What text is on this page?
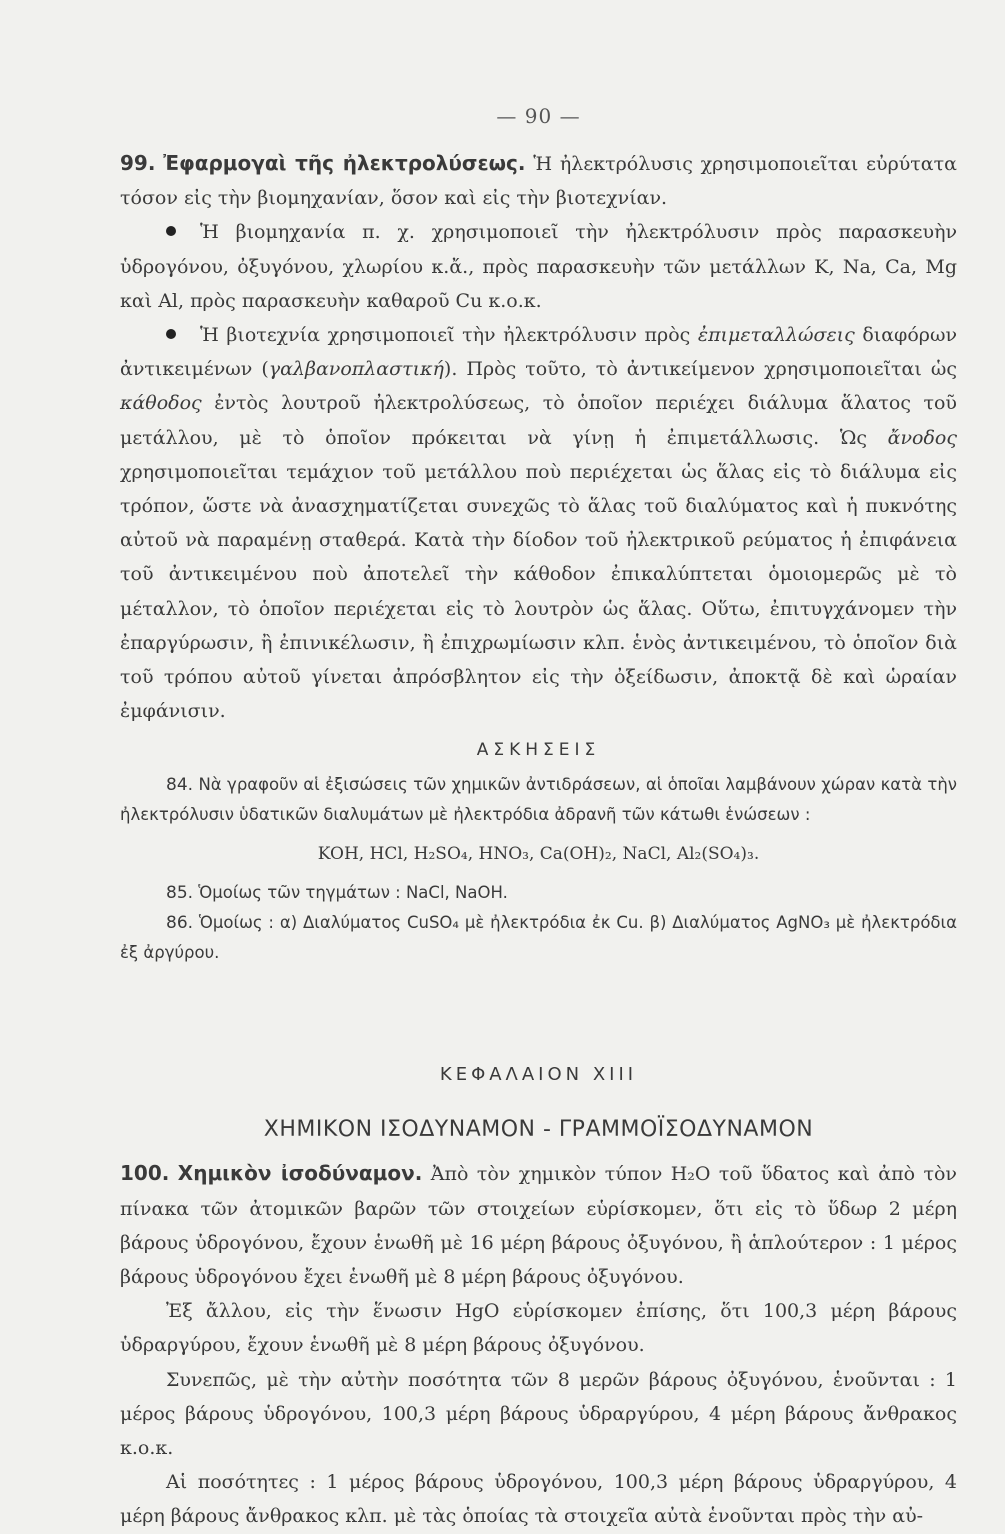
— 90 —

99. Ἐφαρμογαὶ τῆς ἠλεκτρολύσεως. Ἡ ἠλεκτρόλυσις χρησιμοποιεῖται εὐρύτατα τόσον εἰς τὴν βιομηχανίαν, ὅσον καὶ εἰς τὴν βιοτεχνίαν.

Ἡ βιομηχανία π. χ. χρησιμοποιεῖ τὴν ἠλεκτρόλυσιν πρὸς παρασκευὴν ὑδρογόνου, ὀξυγόνου, χλωρίου κ.ἄ., πρὸς παρασκευὴν τῶν μετάλλων K, Na, Ca, Mg καὶ Al, πρὸς παρασκευὴν καθαροῦ Cu κ.ο.κ.

Ἡ βιοτεχνία χρησιμοποιεῖ τὴν ἠλεκτρόλυσιν πρὸς ἐπιμεταλλώσεις διαφόρων ἀντικειμένων (γαλβανοπλαστική). Πρὸς τοῦτο, τὸ ἀντικείμενον χρησιμοποιεῖται ὡς κάθοδος ἐντὸς λουτροῦ ἠλεκτρολύσεως, τὸ ὁποῖον περιέχει διάλυμα ἅλατος τοῦ μετάλλου, μὲ τὸ ὁποῖον πρόκειται νὰ γίνῃ ἡ ἐπιμετάλλωσις. Ὡς ἄνοδος χρησιμοποιεῖται τεμάχιον τοῦ μετάλλου ποὺ περιέχεται ὡς ἅλας εἰς τὸ διάλυμα εἰς τρόπον, ὥστε νὰ ἀνασχηματίζεται συνεχῶς τὸ ἅλας τοῦ διαλύματος καὶ ἡ πυκνότης αὐτοῦ νὰ παραμένῃ σταθερά. Κατὰ τὴν δίοδον τοῦ ἠλεκτρικοῦ ρεύματος ἡ ἐπιφάνεια τοῦ ἀντικειμένου ποὺ ἀποτελεῖ τὴν κάθοδον ἐπικαλύπτεται ὁμοιομερῶς μὲ τὸ μέταλλον, τὸ ὁποῖον περιέχεται εἰς τὸ λουτρὸν ὡς ἅλας. Οὕτω, ἐπιτυγχάνομεν τὴν ἐπαργύρωσιν, ἢ ἐπινικέλωσιν, ἢ ἐπιχρωμίωσιν κλπ. ἑνὸς ἀντικειμένου, τὸ ὁποῖον διὰ τοῦ τρόπου αὐτοῦ γίνεται ἀπρόσβλητον εἰς τὴν ὀξείδωσιν, ἀποκτᾷ δὲ καὶ ὡραίαν ἐμφάνισιν.

ΑΣΚΗΣΕΙΣ

84. Νὰ γραφοῦν αἱ ἐξισώσεις τῶν χημικῶν ἀντιδράσεων, αἱ ὁποῖαι λαμβάνουν χώραν κατὰ τὴν ἠλεκτρόλυσιν ὑδατικῶν διαλυμάτων μὲ ἠλεκτρόδια ἀδρανῆ τῶν κάτωθι ἑνώσεων :

KOH, HCl, H₂SO₄, HNO₃, Ca(OH)₂, NaCl, Al₂(SO₄)₃.

85. Ὁμοίως τῶν τηγμάτων : NaCl, NaOH.

86. Ὁμοίως : α) Διαλύματος CuSO₄ μὲ ἠλεκτρόδια ἐκ Cu. β) Διαλύματος AgNO₃ μὲ ἠλεκτρόδια ἐξ ἀργύρου.

ΚΕΦΑΛΑΙΟΝ XIII
ΧΗΜΙΚΟΝ ΙΣΟΔΥΝΑΜΟΝ - ΓΡΑΜΜΟΪΣΟΔΥΝΑΜΟΝ

100. Χημικὸν ἰσοδύναμον. Ἀπὸ τὸν χημικὸν τύπον H₂O τοῦ ὕδατος καὶ ἀπὸ τὸν πίνακα τῶν ἀτομικῶν βαρῶν τῶν στοιχείων εὑρίσκομεν, ὅτι εἰς τὸ ὕδωρ 2 μέρη βάρους ὑδρογόνου, ἔχουν ἑνωθῆ μὲ 16 μέρη βάρους ὀξυγόνου, ἢ ἁπλούτερον : 1 μέρος βάρους ὑδρογόνου ἔχει ἑνωθῆ μὲ 8 μέρη βάρους ὀξυγόνου.

Ἐξ ἄλλου, εἰς τὴν ἕνωσιν HgO εὑρίσκομεν ἐπίσης, ὅτι 100,3 μέρη βάρους ὑδραργύρου, ἔχουν ἑνωθῆ μὲ 8 μέρη βάρους ὀξυγόνου.

Συνεπῶς, μὲ τὴν αὐτὴν ποσότητα τῶν 8 μερῶν βάρους ὀξυγόνου, ἑνοῦνται : 1 μέρος βάρους ὑδρογόνου, 100,3 μέρη βάρους ὑδραργύρου, 4 μέρη βάρους ἄνθρακος κ.ο.κ.

Αἱ ποσότητες : 1 μέρος βάρους ὑδρογόνου, 100,3 μέρη βάρους ὑδραργύρου, 4 μέρη βάρους ἄνθρακος κλπ. μὲ τὰς ὁποίας τὰ στοιχεῖα αὐτὰ ἑνοῦνται πρὸς τὴν αὐ-
